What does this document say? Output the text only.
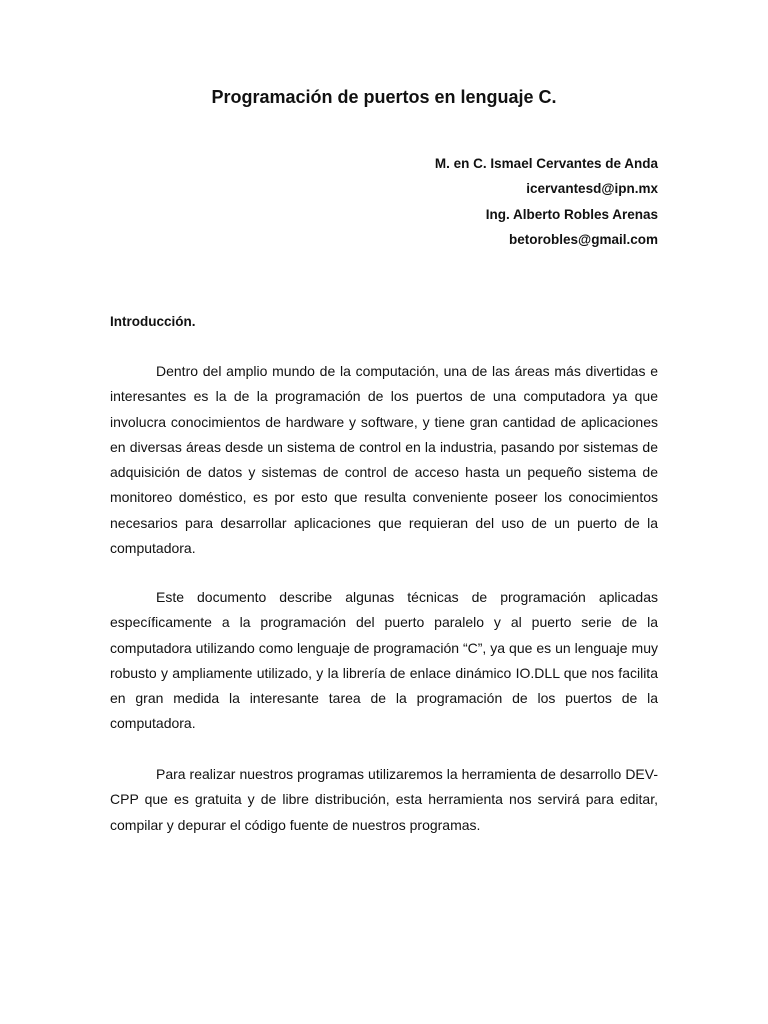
Programación de puertos en lenguaje C.
M. en C. Ismael Cervantes de Anda
icervantesd@ipn.mx
Ing. Alberto Robles Arenas
betorobles@gmail.com
Introducción.

Dentro del amplio mundo de la computación, una de las áreas más divertidas e interesantes es la de la programación de los puertos de una computadora ya que involucra conocimientos de hardware y software, y tiene gran cantidad de aplicaciones en diversas áreas desde un sistema de control en la industria, pasando por sistemas de adquisición de datos y sistemas de control de acceso hasta un pequeño sistema de monitoreo doméstico, es por esto que resulta conveniente poseer los conocimientos necesarios para desarrollar aplicaciones que requieran del uso de un puerto de la computadora.

Este documento describe algunas técnicas de programación aplicadas específicamente a la programación del puerto paralelo y al puerto serie de la computadora utilizando como lenguaje de programación “C”, ya que es un lenguaje muy robusto y ampliamente utilizado, y la librería de enlace dinámico IO.DLL que nos facilita en gran medida la interesante tarea de la programación de los puertos de la computadora.

Para realizar nuestros programas utilizaremos la herramienta de desarrollo DEV-CPP que es gratuita y de libre distribución, esta herramienta nos servirá para editar, compilar y depurar el código fuente de nuestros programas.
